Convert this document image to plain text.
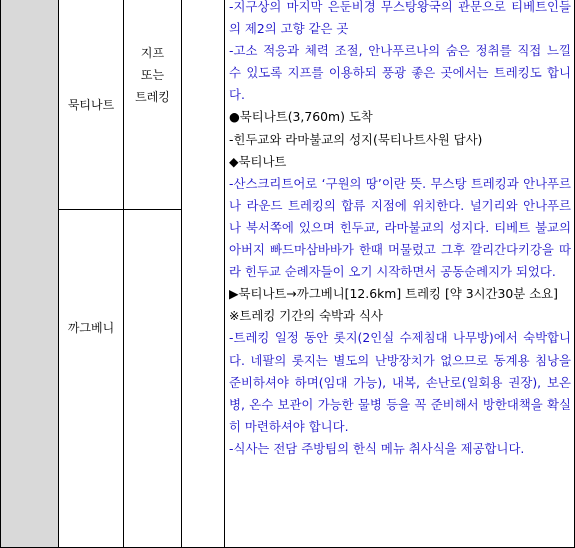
묵티나트
까그베니
지프
또는
트레킹

-지구상의 마지막 은둔비경 무스탕왕국의 관문으로 티베트인들의 제2의 고향 같은 곳

-고소 적응과 체력 조절, 안나푸르나의 숨은 정취를 직접 느낄 수 있도록 지프를 이용하되 풍광 좋은 곳에서는 트레킹도 합니다.

●묵티나트(3,760m) 도착

-힌두교와 라마불교의 성지(묵티나트사원 답사)

◆묵티나트

-산스크리트어로 ‘구원의 땅’이란 뜻. 무스탕 트레킹과 안나푸르나 라운드 트레킹의 합류 지점에 위치한다. 널기리와 안나푸르나 북서쪽에 있으며 힌두교, 라마불교의 성지다. 티베트 불교의 아버지 빠드마삼바바가 한때 머물렀고 그후 깔리간다키강을 따라 힌두교 순례자들이 오기 시작하면서 공동순례지가 되었다.

▶묵티나트→까그베니[12.6km] 트레킹 [약 3시간30분 소요]

※트레킹 기간의 숙박과 식사

-트레킹 일정 동안 롯지(2인실 수제침대 나무방)에서 숙박합니다. 네팔의 롯지는 별도의 난방장치가 없으므로 동계용 침낭을 준비하셔야 하며(임대 가능), 내복, 손난로(일회용 권장), 보온병, 온수 보관이 가능한 물병 등을 꼭 준비해서 방한대책을 확실히 마련하셔야 합니다.

-식사는 전담 주방팀의 한식 메뉴 취사식을 제공합니다.
